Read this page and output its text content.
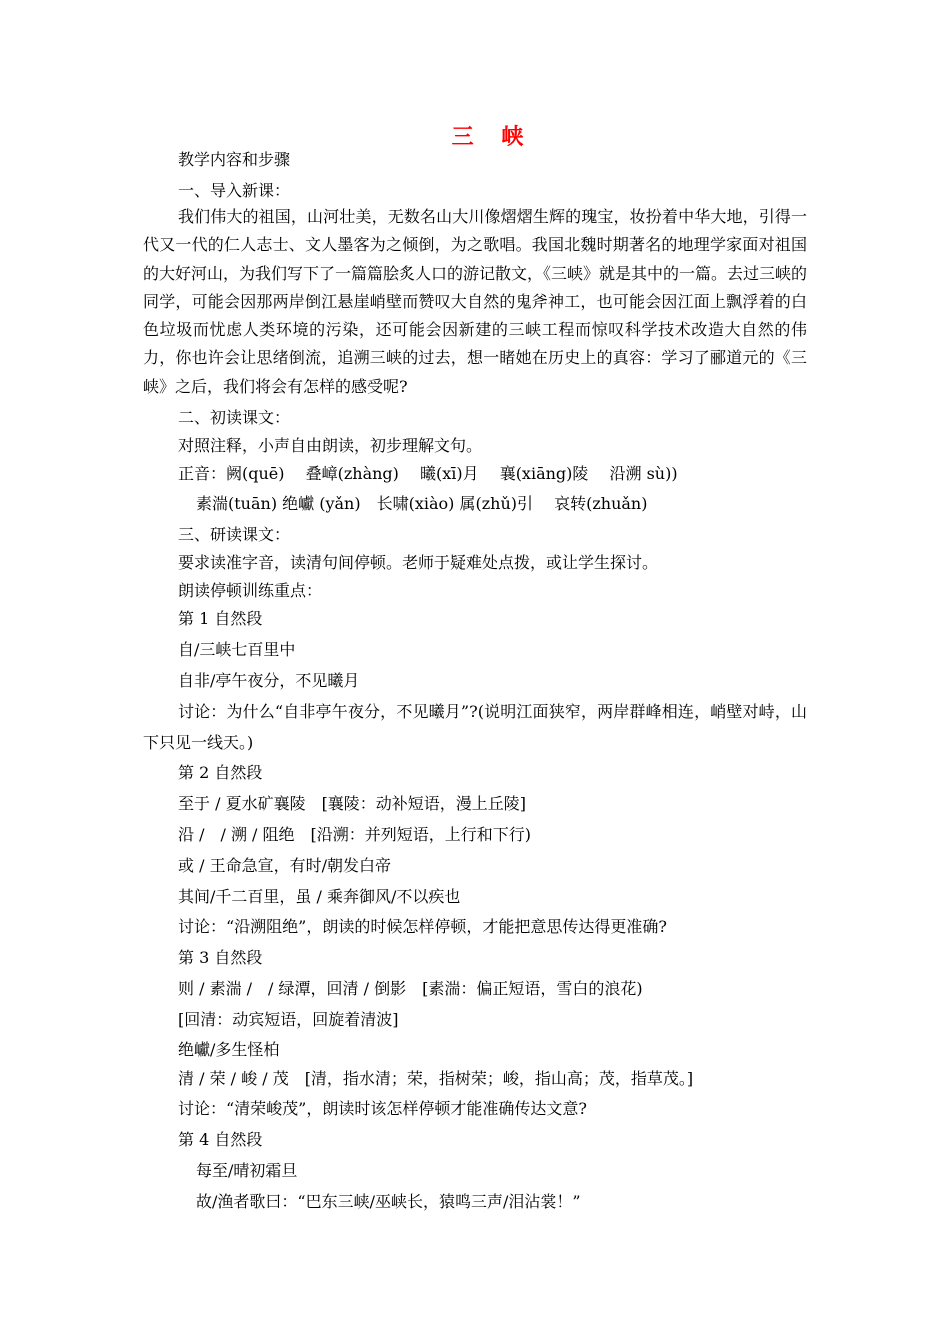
三 峡
教学内容和步骤
一、导入新课：
我们伟大的祖国，山河壮美，无数名山大川像熠熠生辉的瑰宝，妆扮着中华大地，引得一代又一代的仁人志士、文人墨客为之倾倒，为之歌唱。我国北魏时期著名的地理学家面对祖国的大好河山，为我们写下了一篇篇脍炙人口的游记散文，《三峡》就是其中的一篇。去过三峡的同学，可能会因那两岸倒江悬崖峭壁而赞叹大自然的鬼斧神工，也可能会因江面上飘浮着的白色垃圾而忧虑人类环境的污染，还可能会因新建的三峡工程而惊叹科学技术改造大自然的伟力，你也许会让思绪倒流，追溯三峡的过去，想一睹她在历史上的真容：学习了郦道元的《三峡》之后，我们将会有怎样的感受呢?
二、初读课文：
对照注释，小声自由朗读，初步理解文句。
正音：阙(quē)　 叠嶂(zhàng)　 曦(xī)月　 襄(xiāng)陵　 沿溯 sù))
素湍(tuān) 绝巘 (yǎn)　长啸(xiào) 属(zhǔ)引　 哀转(zhuǎn)
三、研读课文：
要求读准字音，读清句间停顿。老师于疑难处点拨，或让学生探讨。
朗读停顿训练重点：
第 1 自然段
自/三峡七百里中
自非/亭午夜分，不见曦月
讨论：为什么“自非亭午夜分，不见曦月”?(说明江面狭窄，两岸群峰相连，峭壁对峙，山下只见一线天。)
第 2 自然段
至于 / 夏水矿襄陵　[襄陵：动补短语，漫上丘陵]
沿 /　/ 溯 / 阻绝　[沿溯：并列短语，上行和下行)
或 / 王命急宣，有时/朝发白帝
其间/千二百里，虽 / 乘奔御风/不以疾也
讨论：“沿溯阻绝”，朗读的时候怎样停顿，才能把意思传达得更准确?
第 3 自然段
则 / 素湍 /　/ 绿潭，回清 / 倒影　[素湍：偏正短语，雪白的浪花)
[回清：动宾短语，回旋着清波]
绝巘/多生怪柏
清 / 荣 / 峻 / 茂　[清，指水清；荣，指树荣；峻，指山高；茂，指草茂。]
讨论：“清荣峻茂”，朗读时该怎样停顿才能准确传达文意?
第 4 自然段
每至/晴初霜旦
故/渔者歌曰：“巴东三峡/巫峡长，猿鸣三声/泪沾裳！”
